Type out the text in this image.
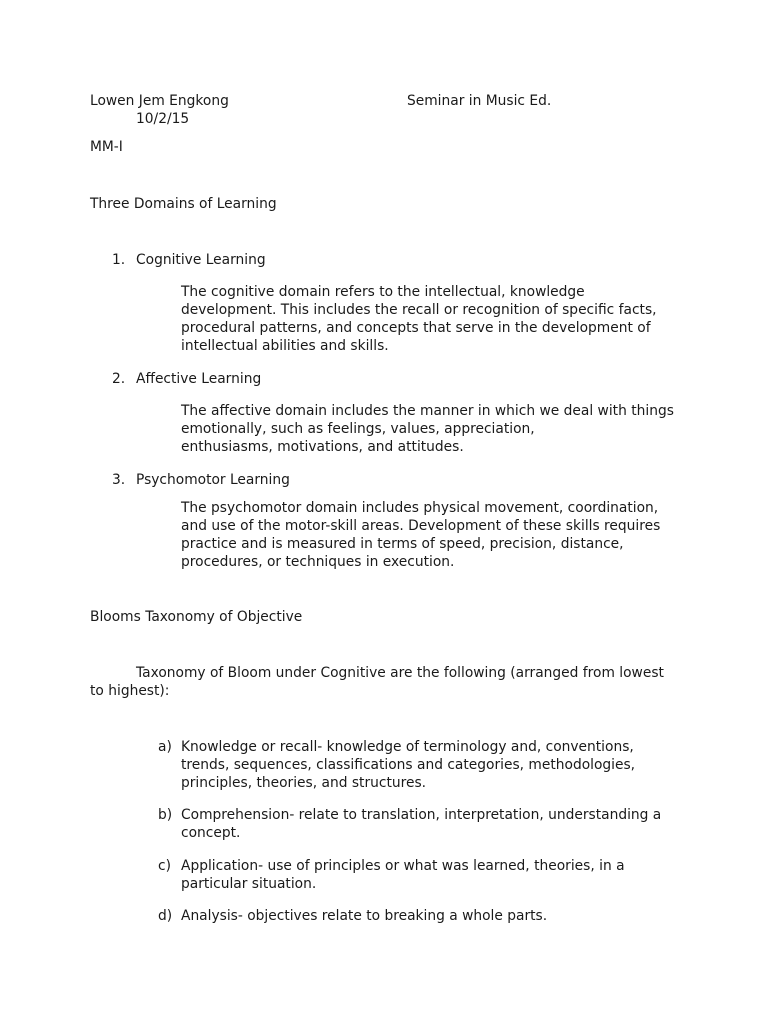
Lowen Jem Engkong	Seminar in Music Ed.
10/2/15
MM-I
Three Domains of Learning
1. Cognitive Learning
The cognitive domain refers to the intellectual, knowledge
development. This includes the recall or recognition of specific facts,
procedural patterns, and concepts that serve in the development of
intellectual abilities and skills.
2. Affective Learning
The affective domain includes the manner in which we deal with things
emotionally, such as feelings, values, appreciation,
enthusiasms, motivations, and attitudes.
3. Psychomotor Learning
The psychomotor domain includes physical movement, coordination,
and use of the motor-skill areas. Development of these skills requires
practice and is measured in terms of speed, precision, distance,
procedures, or techniques in execution.
Blooms Taxonomy of Objective
Taxonomy of Bloom under Cognitive are the following (arranged from lowest
to highest):
a) Knowledge or recall- knowledge of terminology and, conventions,
trends, sequences, classifications and categories, methodologies,
principles, theories, and structures.
b) Comprehension- relate to translation, interpretation, understanding a
concept.
c) Application- use of principles or what was learned, theories, in a
particular situation.
d) Analysis- objectives relate to breaking a whole parts.
